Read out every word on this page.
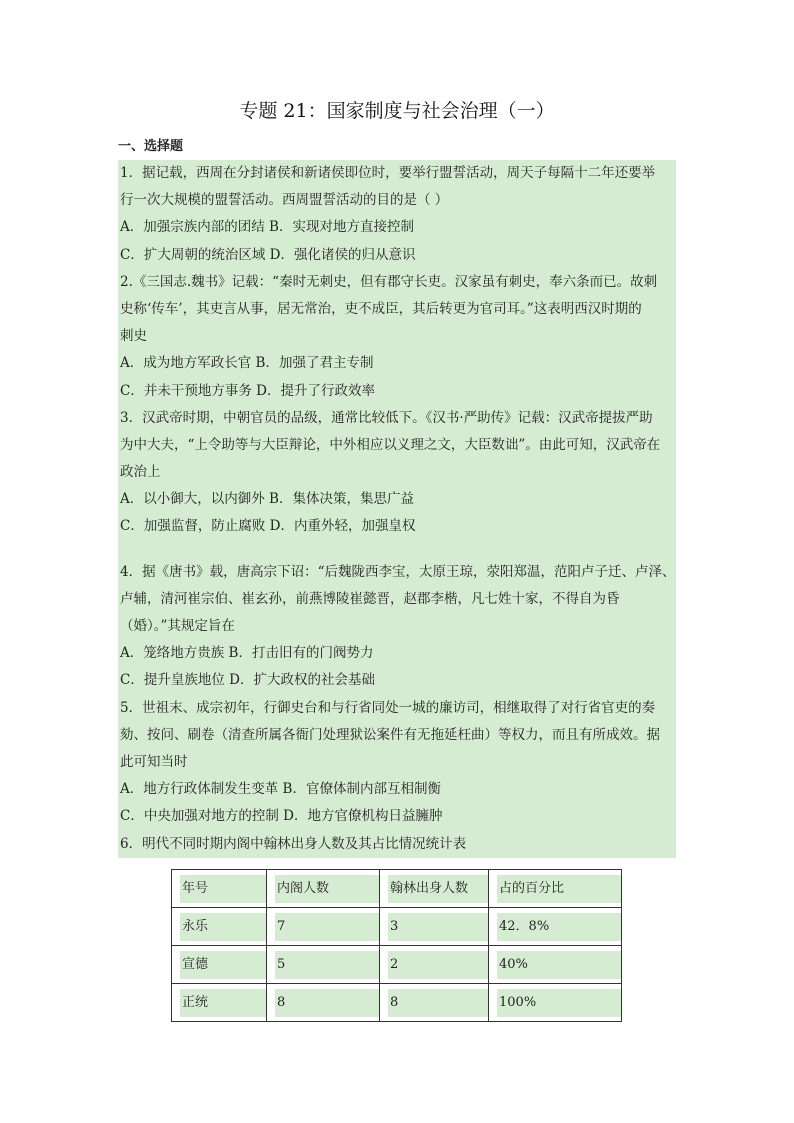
专题 21：国家制度与社会治理（一）
一、选择题
1．据记载，西周在分封诸侯和新诸侯即位时，要举行盟誓活动，周天子每隔十二年还要举
行一次大规模的盟誓活动。西周盟誓活动的目的是（ ）
A．加强宗族内部的团结 B．实现对地方直接控制
C．扩大周朝的统治区域 D．强化诸侯的归从意识
2.《三国志.魏书》记载：“秦时无刺史，但有郡守长吏。汉家虽有刺史，奉六条而已。故刺
史称‘传车’，其吏言从事，居无常治，吏不成臣，其后转更为官司耳。”这表明西汉时期的
刺史
A．成为地方军政长官 B．加强了君主专制
C．并未干预地方事务 D．提升了行政效率
3．汉武帝时期，中朝官员的品级，通常比较低下。《汉书·严助传》记载：汉武帝提拔严助
为中大夫，“上令助等与大臣辩论，中外相应以义理之文，大臣数诎”。由此可知，汉武帝在
政治上
A．以小御大，以内御外 B．集体决策，集思广益
C．加强监督，防止腐败 D．内重外轻，加强皇权
4．据《唐书》载，唐高宗下诏：“后魏陇西李宝，太原王琼，荥阳郑温，范阳卢子迁、卢泽、
卢辅，清河崔宗伯、崔玄孙，前燕博陵崔懿晋，赵郡李楷，凡七姓十家，不得自为昏
（婚）。”其规定旨在
A．笼络地方贵族 B．打击旧有的门阀势力
C．提升皇族地位 D．扩大政权的社会基础
5．世祖末、成宗初年，行御史台和与行省同处一城的廉访司，相继取得了对行省官吏的奏
劾、按问、刷卷（清查所属各衙门处理狱讼案件有无拖延枉曲）等权力，而且有所成效。据
此可知当时
A．地方行政体制发生变革 B．官僚体制内部互相制衡
C．中央加强对地方的控制 D．地方官僚机构日益臃肿
6．明代不同时期内阁中翰林出身人数及其占比情况统计表
年号	内阁人数	翰林出身人数	占的百分比

永乐	7	3	42．8%

宣德	5	2	40%

正统	8	8	100%
